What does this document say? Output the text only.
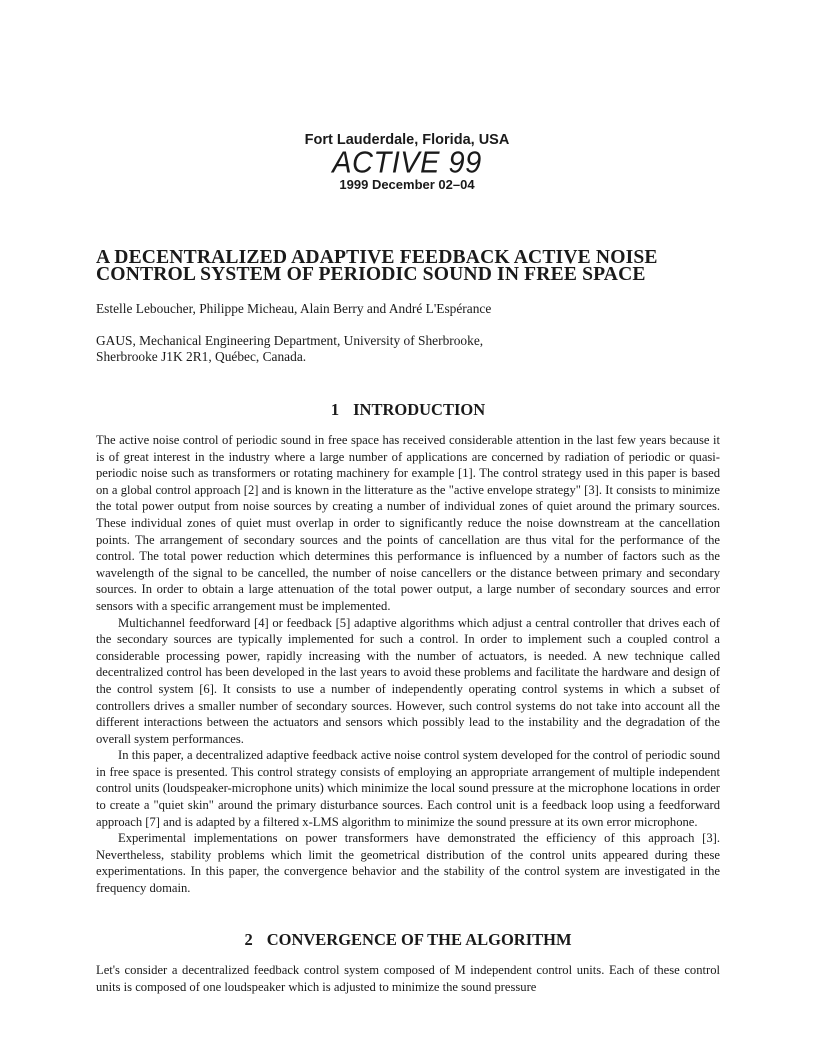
Fort Lauderdale, Florida, USA
ACTIVE 99
1999 December 02–04
A DECENTRALIZED ADAPTIVE FEEDBACK ACTIVE NOISE
CONTROL SYSTEM OF PERIODIC SOUND IN FREE SPACE
Estelle Leboucher, Philippe Micheau, Alain Berry and André L'Espérance
GAUS, Mechanical Engineering Department, University of Sherbrooke,
Sherbrooke J1K 2R1, Québec, Canada.
1 INTRODUCTION

The active noise control of periodic sound in free space has received considerable attention in the last few years because it is of great interest in the industry where a large number of applications are concerned by radiation of periodic or quasi-periodic noise such as transformers or rotating machinery for example [1]. The control strategy used in this paper is based on a global control approach [2] and is known in the litterature as the "active envelope strategy" [3]. It consists to minimize the total power output from noise sources by creating a number of individual zones of quiet around the primary sources. These individual zones of quiet must overlap in order to significantly reduce the noise downstream at the cancellation points. The arrangement of secondary sources and the points of cancellation are thus vital for the performance of the control. The total power reduction which determines this performance is influenced by a number of factors such as the wavelength of the signal to be cancelled, the number of noise cancellers or the distance between primary and secondary sources. In order to obtain a large attenuation of the total power output, a large number of secondary sources and error sensors with a specific arrangement must be implemented.

Multichannel feedforward [4] or feedback [5] adaptive algorithms which adjust a central controller that drives each of the secondary sources are typically implemented for such a control. In order to implement such a coupled control a considerable processing power, rapidly increasing with the number of actuators, is needed. A new technique called decentralized control has been developed in the last years to avoid these problems and facilitate the hardware and design of the control system [6]. It consists to use a number of independently operating control systems in which a subset of controllers drives a smaller number of secondary sources. However, such control systems do not take into account all the different interactions between the actuators and sensors which possibly lead to the instability and the degradation of the overall system performances.

In this paper, a decentralized adaptive feedback active noise control system developed for the control of periodic sound in free space is presented. This control strategy consists of employing an appropriate arrangement of multiple independent control units (loudspeaker-microphone units) which minimize the local sound pressure at the microphone locations in order to create a "quiet skin" around the primary disturbance sources. Each control unit is a feedback loop using a feedforward approach [7] and is adapted by a filtered x-LMS algorithm to minimize the sound pressure at its own error microphone.

Experimental implementations on power transformers have demonstrated the efficiency of this approach [3]. Nevertheless, stability problems which limit the geometrical distribution of the control units appeared during these experimentations. In this paper, the convergence behavior and the stability of the control system are investigated in the frequency domain.

2 CONVERGENCE OF THE ALGORITHM

Let's consider a decentralized feedback control system composed of M independent control units. Each of these control units is composed of one loudspeaker which is adjusted to minimize the sound pressure
